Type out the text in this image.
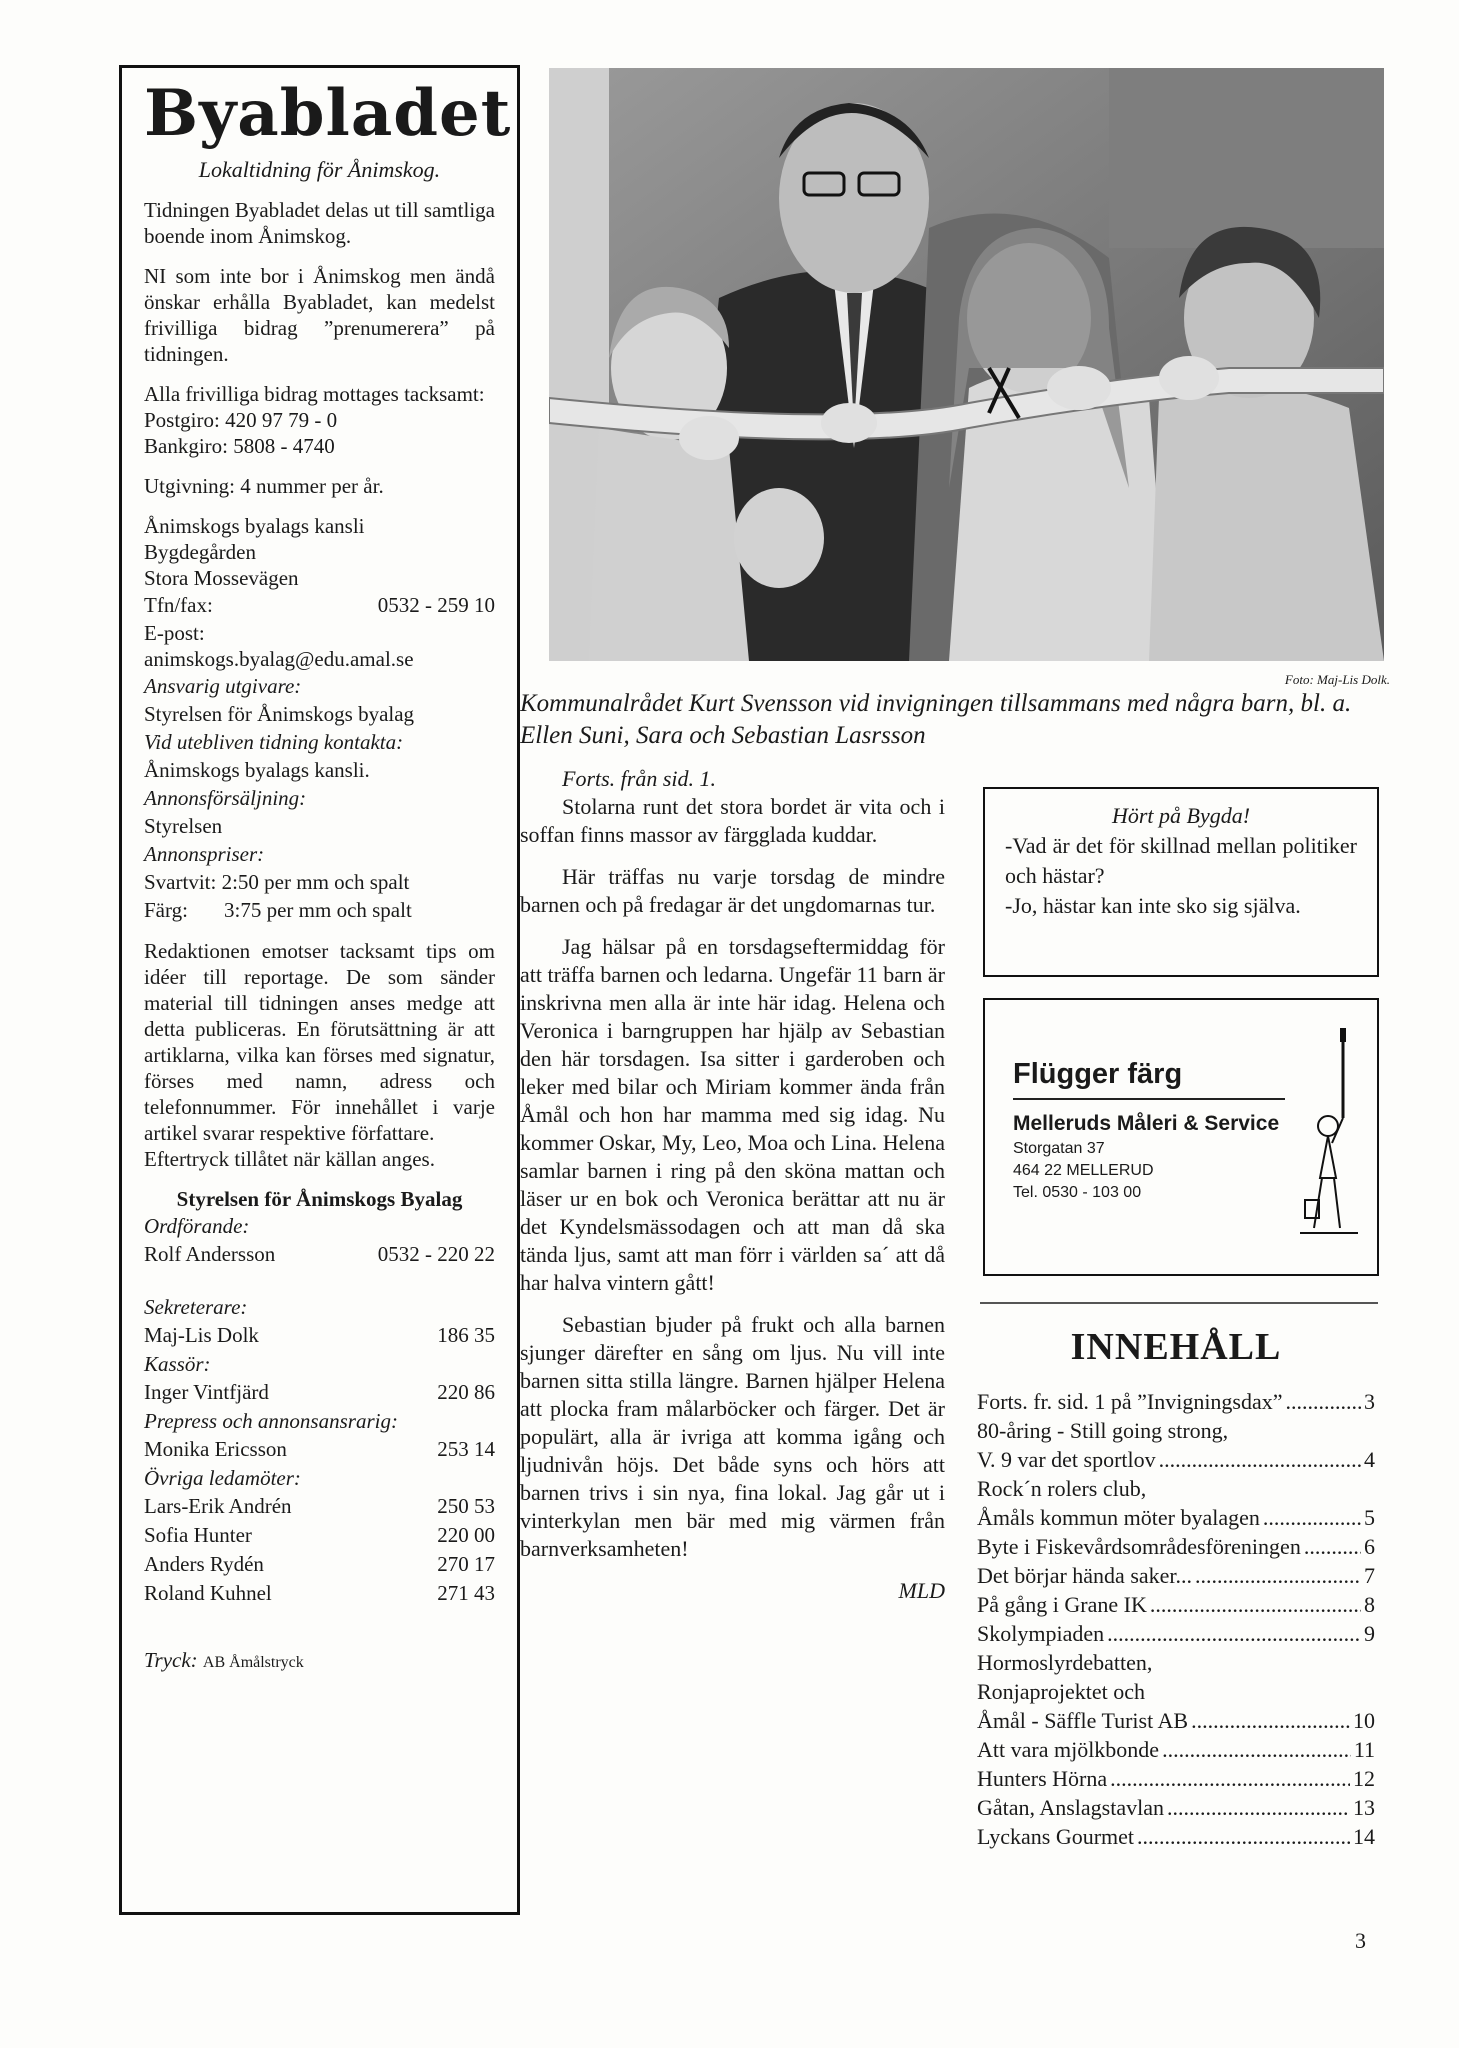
Byabladet
Lokaltidning för Ånimskog.
Tidningen Byabladet delas ut till samtliga boende inom Ånimskog.
NI som inte bor i Ånimskog men ändå önskar erhålla Byabladet, kan medelst frivilliga bidrag ”prenumerera” på tidningen.
Alla frivilliga bidrag mottages tacksamt:
Postgiro: 420 97 79 - 0
Bankgiro: 5808 - 4740
Utgivning: 4 nummer per år.
Ånimskogs byalags kansli
Bygdegården
Stora Mossevägen
Tfn/fax:	0532 - 259 10
E-post:
animskogs.byalag@edu.amal.se
Ansvarig utgivare:
Styrelsen för Ånimskogs byalag
Vid utebliven tidning kontakta:
Ånimskogs byalags kansli.
Annonsförsäljning:
Styrelsen
Annonspriser:
Svartvit: 2:50 per mm och spalt
Färg: 3:75 per mm och spalt
Redaktionen emotser tacksamt tips om idéer till reportage. De som sänder material till tidningen anses medge att detta publiceras. En förutsättning är att artiklarna, vilka kan förses med signatur, förses med namn, adress och telefonnummer. För innehållet i varje artikel svarar respektive författare.
Eftertryck tillåtet när källan anges.
Styrelsen för Ånimskogs Byalag
Ordförande:
Rolf Andersson	0532 - 220 22
Sekreterare:
Maj-Lis Dolk	186 35
Kassör:
Inger Vintfjärd	220 86
Prepress och annonsansrarig:
Monika Ericsson	253 14
Övriga ledamöter:
Lars-Erik Andrén	250 53
Sofia Hunter	220 00
Anders Rydén	270 17
Roland Kuhnel	271 43
Tryck: AB Åmålstryck
Foto: Maj-Lis Dolk.
Kommunalrådet Kurt Svensson vid invigningen tillsammans med några barn, bl. a. Ellen Suni, Sara och Sebastian Lasrsson
Forts. från sid. 1.
Stolarna runt det stora bordet är vita och i soffan finns massor av färgglada kuddar.
Här träffas nu varje torsdag de mindre barnen och på fredagar är det ungdomarnas tur.
Jag hälsar på en torsdagseftermiddag för att träffa barnen och ledarna. Ungefär 11 barn är inskrivna men alla är inte här idag. Helena och Veronica i barngruppen har hjälp av Sebastian den här torsdagen. Isa sitter i garderoben och leker med bilar och Miriam kommer ända från Åmål och hon har mamma med sig idag. Nu kommer Oskar, My, Leo, Moa och Lina. Helena samlar barnen i ring på den sköna mattan och läser ur en bok och Veronica berättar att nu är det Kyndelsmässodagen och att man då ska tända ljus, samt att man förr i världen sa´ att då har halva vintern gått!
Sebastian bjuder på frukt och alla barnen sjunger därefter en sång om ljus. Nu vill inte barnen sitta stilla längre. Barnen hjälper Helena att plocka fram målarböcker och färger. Det är populärt, alla är ivriga att komma igång och ljudnivån höjs. Det både syns och hörs att barnen trivs i sin nya, fina lokal. Jag går ut i vinterkylan men bär med mig värmen från barnverksamheten!
MLD
Hört på Bygda!
-Vad är det för skillnad mellan politiker och hästar?
-Jo, hästar kan inte sko sig själva.
Flügger färg
Melleruds Måleri & Service
Storgatan 37
464 22 MELLERUD
Tel. 0530 - 103 00
INNEHÅLL
Forts. fr. sid. 1 på ”Invigningsdax” .....	3
80-åring - Still going strong,
V. 9 var det sportlov .....	4
Rock´n rolers club,
Åmåls kommun möter byalagen .....	5
Byte i Fiskevårdsområdesföreningen .....	6
Det börjar hända saker... .....	7
På gång i Grane IK .....	8
Skolympiaden .....	9
Hormoslyrdebatten,
Ronjaprojektet och
Åmål - Säffle Turist AB .....	10
Att vara mjölkbonde .....	11
Hunters Hörna .....	12
Gåtan, Anslagstavlan .....	13
Lyckans Gourmet .....	14
3
